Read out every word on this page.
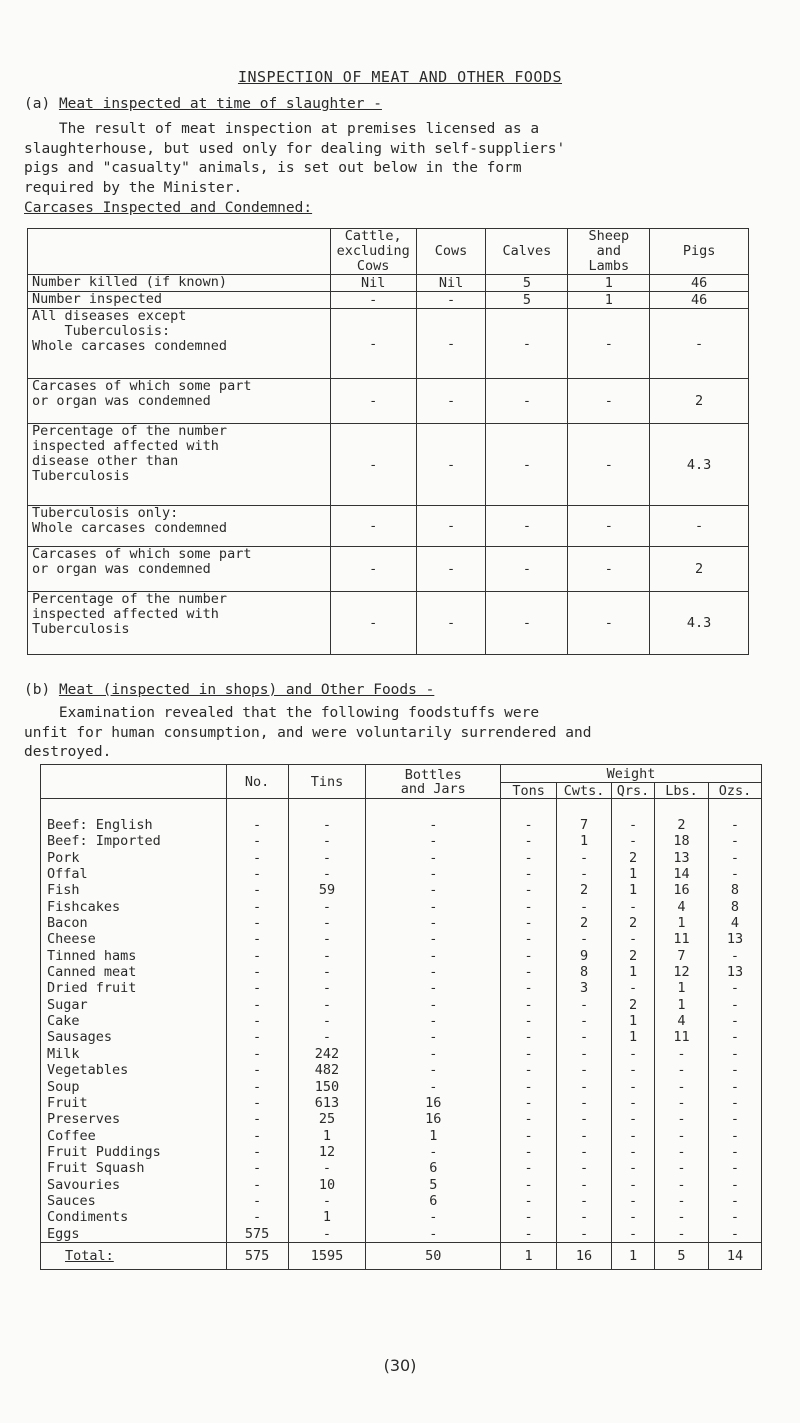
INSPECTION OF MEAT AND OTHER FOODS
(a) Meat inspected at time of slaughter -
The result of meat inspection at premises licensed as a
slaughterhouse, but used only for dealing with self-suppliers'
pigs and "casualty" animals, is set out below in the form
required by the Minister.
Carcases Inspected and Condemned:
	Cattle,
excluding
Cows	Cows	Calves	Sheep
and
Lambs	Pigs
Number killed (if known)	Nil	Nil	5	1	46
Number inspected	-	-	5	1	46
All diseases except
Tuberculosis:
Whole carcases condemned	-	-	-	-	-
Carcases of which some part
or organ was condemned	-	-	-	-	2
Percentage of the number
inspected affected with
disease other than
Tuberculosis	-	-	-	-	4.3
Tuberculosis only:
Whole carcases condemned	-	-	-	-	-
Carcases of which some part
or organ was condemned	-	-	-	-	2
Percentage of the number
inspected affected with
Tuberculosis	-	-	-	-	4.3
(b) Meat (inspected in shops) and Other Foods -
Examination revealed that the following foodstuffs were
unfit for human consumption, and were voluntarily surrendered and
destroyed.
	No.	Tins	Bottles
and Jars	Weight				
				Tons	Cwts.	Qrs.	Lbs.	Ozs.
Beef: English	-	-	-	-	7	-	2	-
Beef: Imported	-	-	-	-	1	-	18	-
Pork	-	-	-	-	-	2	13	-
Offal	-	-	-	-	-	1	14	-
Fish	-	59	-	-	2	1	16	8
Fishcakes	-	-	-	-	-	-	4	8
Bacon	-	-	-	-	2	2	1	4
Cheese	-	-	-	-	-	-	11	13
Tinned hams	-	-	-	-	9	2	7	-
Canned meat	-	-	-	-	8	1	12	13
Dried fruit	-	-	-	-	3	-	1	-
Sugar	-	-	-	-	-	2	1	-
Cake	-	-	-	-	-	1	4	-
Sausages	-	-	-	-	-	1	11	-
Milk	-	242	-	-	-	-	-	-
Vegetables	-	482	-	-	-	-	-	-
Soup	-	150	-	-	-	-	-	-
Fruit	-	613	16	-	-	-	-	-
Preserves	-	25	16	-	-	-	-	-
Coffee	-	1	1	-	-	-	-	-
Fruit Puddings	-	12	-	-	-	-	-	-
Fruit Squash	-	-	6	-	-	-	-	-
Savouries	-	10	5	-	-	-	-	-
Sauces	-	-	6	-	-	-	-	-
Condiments	-	1	-	-	-	-	-	-
Eggs	575	-	-	-	-	-	-	-
Total:	575	1595	50	1	16	1	5	14
(30)
